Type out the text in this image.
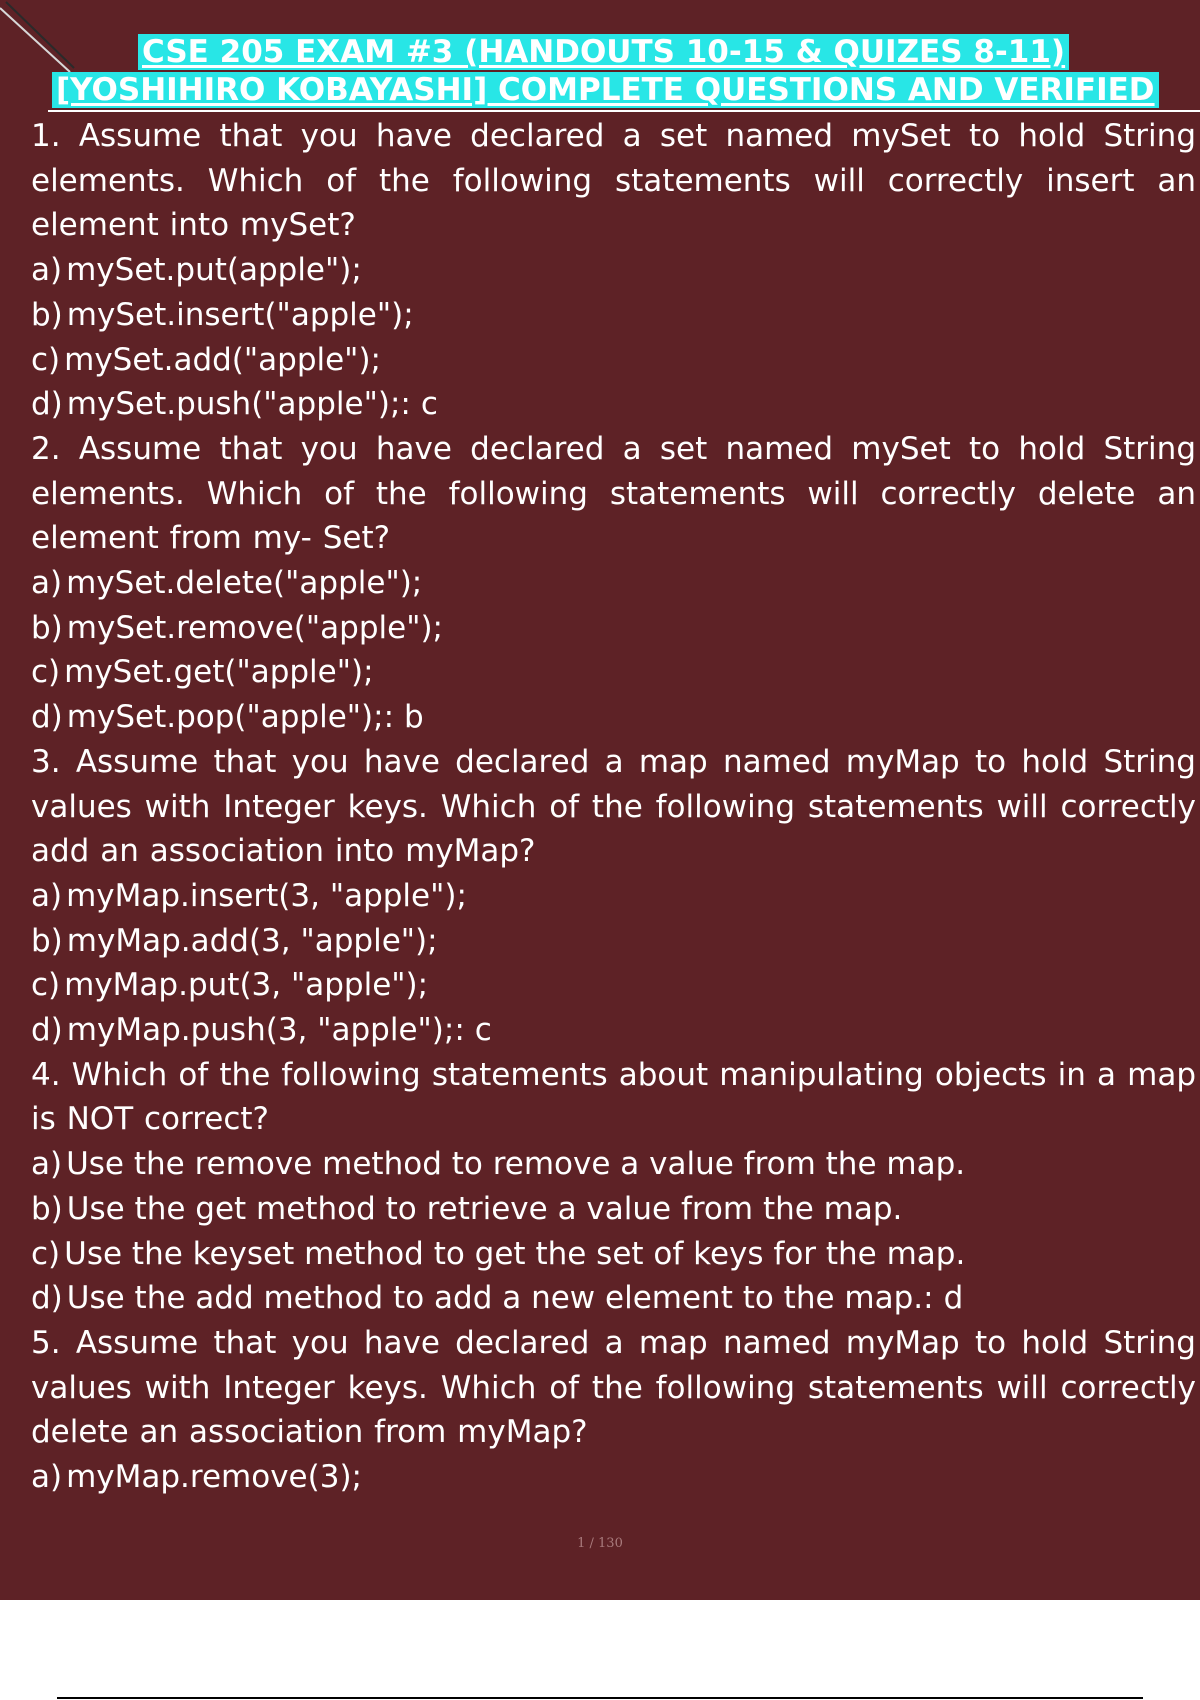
CSE 205 EXAM #3 (HANDOUTS 10-15 & QUIZES 8-11)
[YOSHIHIRO KOBAYASHI] COMPLETE QUESTIONS AND VERIFIED

1. Assume that you have declared a set named mySet to hold String elements. Which of the following statements will correctly insert an element into mySet?

a) mySet.put(apple");

b) mySet.insert("apple");

c) mySet.add("apple");

d) mySet.push("apple");: c

2. Assume that you have declared a set named mySet to hold String elements. Which of the following statements will correctly delete an element from my- Set?

a) mySet.delete("apple");

b) mySet.remove("apple");

c) mySet.get("apple");

d) mySet.pop("apple");: b

3. Assume that you have declared a map named myMap to hold String values with Integer keys. Which of the following statements will correctly add an association into myMap?

a) myMap.insert(3, "apple");

b) myMap.add(3, "apple");

c) myMap.put(3, "apple");

d) myMap.push(3, "apple");: c

4. Which of the following statements about manipulating objects in a map is NOT correct?

a) Use the remove method to remove a value from the map.

b) Use the get method to retrieve a value from the map.

c) Use the keyset method to get the set of keys for the map.

d) Use the add method to add a new element to the map.: d

5. Assume that you have declared a map named myMap to hold String values with Integer keys. Which of the following statements will correctly delete an association from myMap?

a) myMap.remove(3);

1 / 130
